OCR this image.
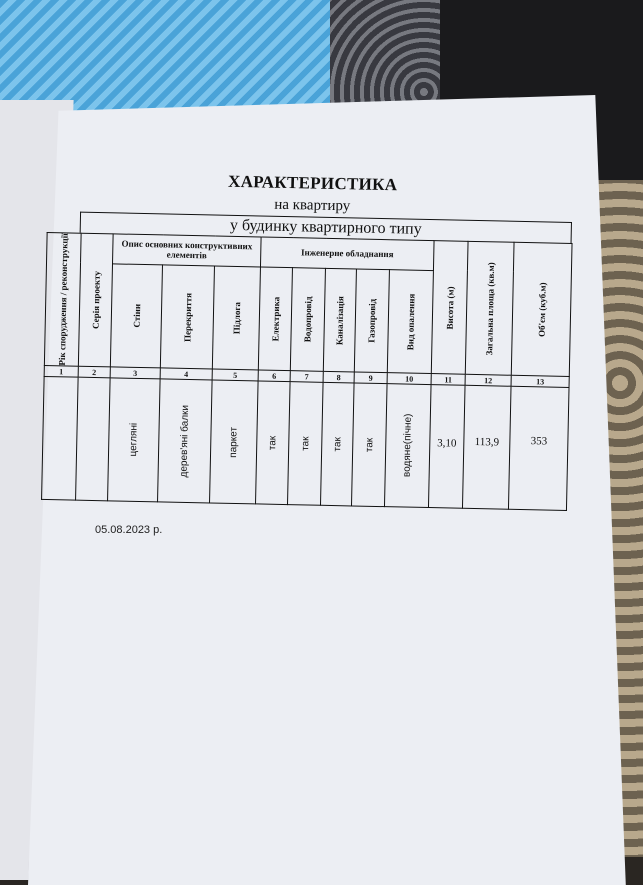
ХАРАКТЕРИСТИКА
на квартиру
у будинку квартирного типу
Рік спорудження / реконструкції	Серія проекту	Опис основних конструктивних елементів			Інженерне обладнання					Висота (м)	Загальна площа (кв.м)	Об'єм (куб.м)

		Стіни	Перекриття	Підлога	Електрика	Водопровід	Каналізація	Газопровід	Вид опалення			

1	2	3	4	5	6	7	8	9	10	11	12	13

		цегляні	дерев'яні балки	паркет	так	так	так	так	водяне(пічне)	3,10	113,9	353
05.08.2023 р.
